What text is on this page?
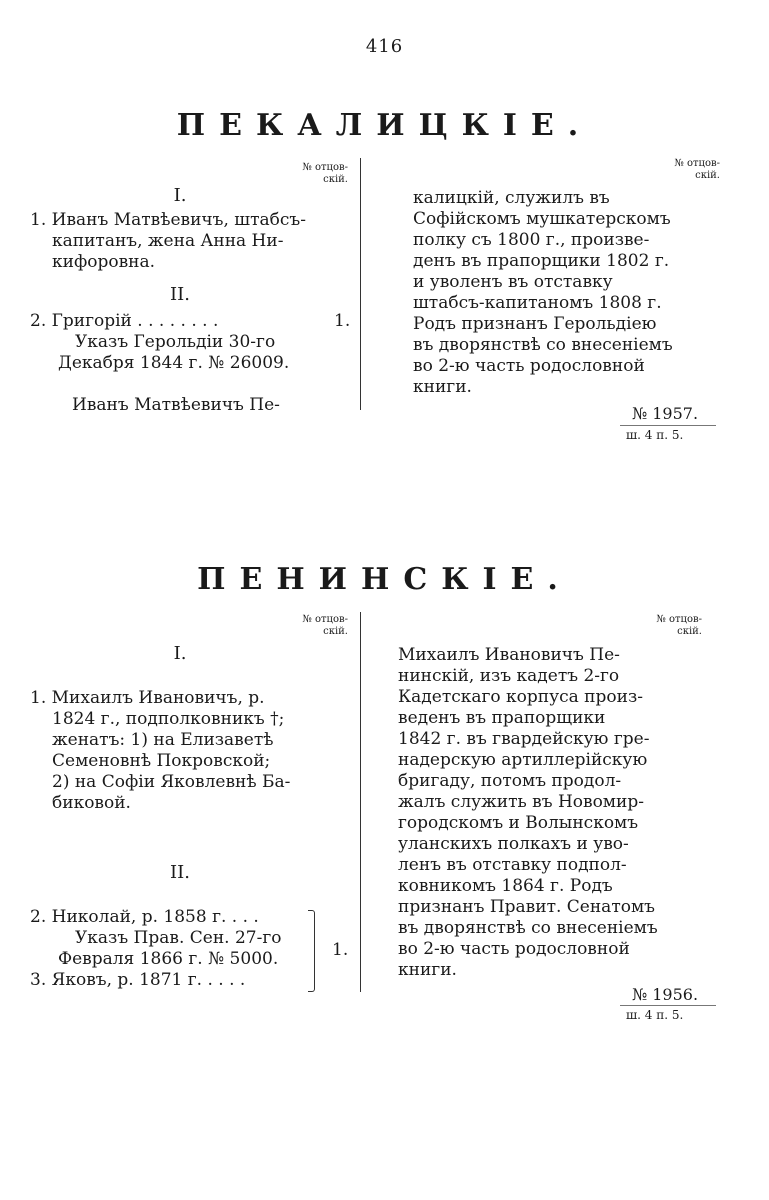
416
ПЕКАЛИЦКІЕ.
№ отцов-
скій.
№ отцов-
скій.
I.
1. Иванъ Матвѣевичъ, штабсъ-
капитанъ, жена Анна Ни-
кифоровна.
II.
2. Григорій . . . . . . . .	1.
Указъ Герольдіи 30-го
Декабря 1844 г. № 26009.
Иванъ Матвѣевичъ Пе-
калицкій, служилъ въ
Софійскомъ мушкатерскомъ
полку съ 1800 г., произве-
денъ въ прапорщики 1802 г.
и уволенъ въ отставку
штабсъ-капитаномъ 1808 г.
Родъ признанъ Герольдіею
въ дворянствѣ со внесеніемъ
во 2-ю часть родословной
книги.
№ 1957.
ш. 4 п. 5.
ПЕНИНСКІЕ.
№ отцов-
скій.
№ отцов-
скій.
I.
1. Михаилъ Ивановичъ, р.
1824 г., подполковникъ †;
женатъ: 1) на Елизаветѣ
Семеновнѣ Покровской;
2) на Софіи Яковлевнѣ Ба-
биковой.
II.
2. Николай, р. 1858 г. . . .
Указъ Прав. Сен. 27-го
Февраля 1866 г. № 5000.
3. Яковъ, р. 1871 г. . . . .
1.
Михаилъ Ивановичъ Пе-
нинскій, изъ кадетъ 2-го
Кадетскаго корпуса произ-
веденъ въ прапорщики
1842 г. въ гвардейскую гре-
надерскую артиллерійскую
бригаду, потомъ продол-
жалъ служить въ Новомир-
городскомъ и Волынскомъ
уланскихъ полкахъ и уво-
ленъ въ отставку подпол-
ковникомъ 1864 г. Родъ
признанъ Правит. Сенатомъ
въ дворянствѣ со внесеніемъ
во 2-ю часть родословной
книги.
№ 1956.
ш. 4 п. 5.
